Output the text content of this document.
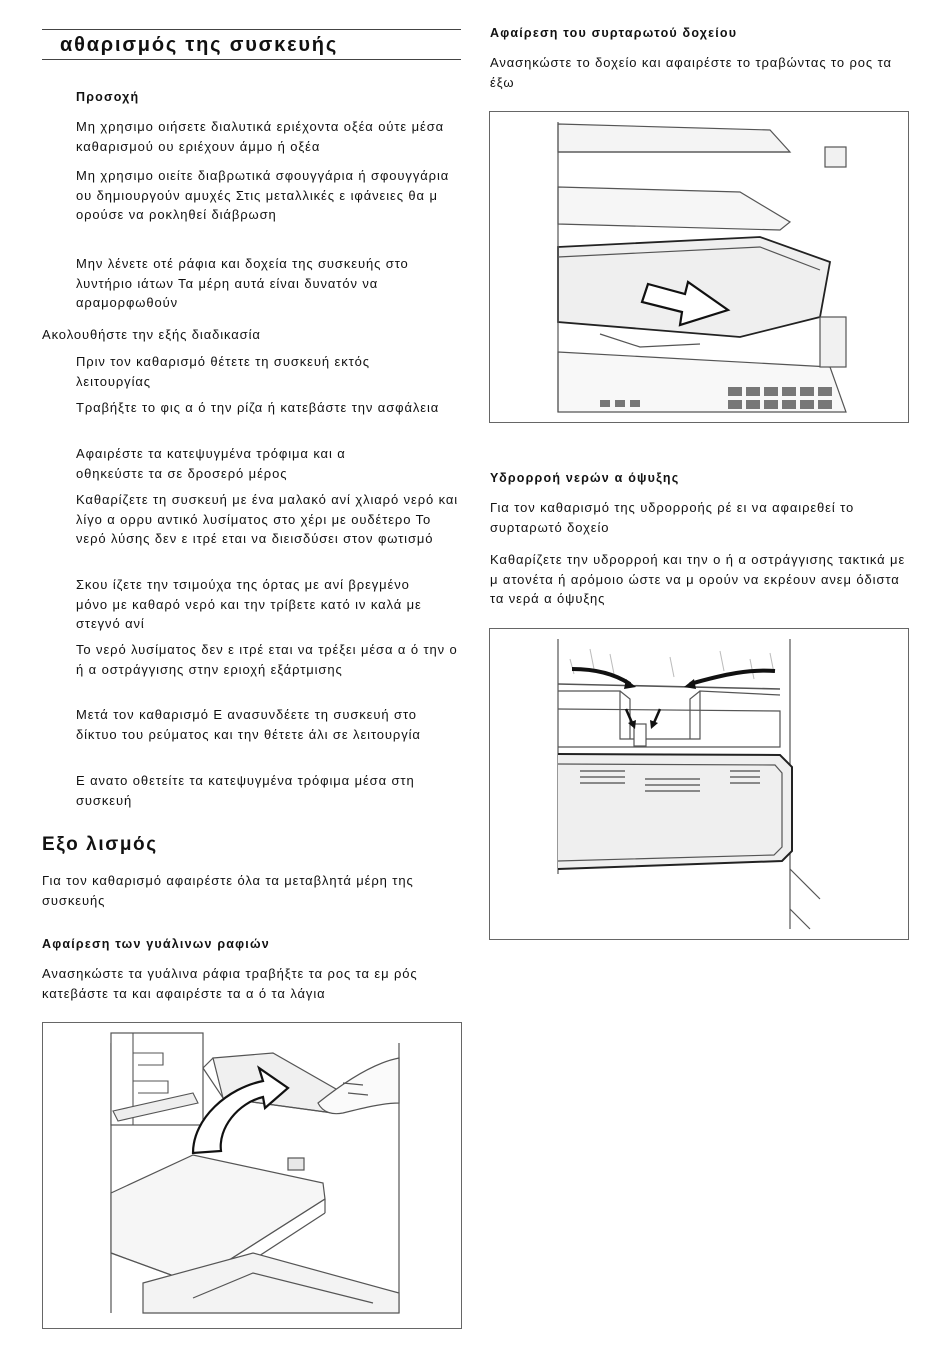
αθαρισμός της συσκευής
Προσοχή

Μη χρησιμο οιήσετε διαλυτικά εριέχοντα οξέα ούτε μέσα καθαρισμού ου εριέχουν άμμο ή οξέα

Μη χρησιμο οιείτε διαβρωτικά σφουγγάρια ή σφουγγάρια ου δημιουργούν αμυχές Στις μεταλλικές ε ιφάνειες θα μ ορούσε να ροκληθεί διάβρωση

Μην λένετε οτέ ράφια και δοχεία της συσκευής στο λυντήριο ιάτων Τα μέρη αυτά είναι δυνατόν να αραμορφωθούν

Ακολουθήστε την εξής διαδικασία

Πριν τον καθαρισμό θέτετε τη συσκευή εκτός λειτουργίας

Τραβήξτε το φις α ό την ρίζα ή κατεβάστε την ασφάλεια

Αφαιρέστε τα κατεψυγμένα τρόφιμα και α οθηκεύστε τα σε δροσερό μέρος

Καθαρίζετε τη συσκευή με ένα μαλακό ανί χλιαρό νερό και λίγο α ορρυ αντικό λυσίματος στο χέρι με ουδέτερο Το νερό λύσης δεν ε ιτρέ εται να διεισδύσει στον φωτισμό

Σκου ίζετε την τσιμούχα της όρτας με ανί βρεγμένο μόνο με καθαρό νερό και την τρίβετε κατό ιν καλά με στεγνό ανί

Το νερό λυσίματος δεν ε ιτρέ εται να τρέξει μέσα α ό την ο ή α οστράγγισης στην εριοχή εξάρτμισης

Μετά τον καθαρισμό Ε ανασυνδέετε τη συσκευή στο δίκτυο του ρεύματος και την θέτετε άλι σε λειτουργία

Ε ανατο οθετείτε τα κατεψυγμένα τρόφιμα μέσα στη συσκευή

Εξο λισμός

Για τον καθαρισμό αφαιρέστε όλα τα μεταβλητά μέρη της συσκευής

Αφαίρεση των γυάλινων ραφιών

Ανασηκώστε τα γυάλινα ράφια τραβήξτε τα ρος τα εμ ρός κατεβάστε τα και αφαιρέστε τα α ό τα λάγια

Αφαίρεση του συρταρωτού δοχείου

Ανασηκώστε το δοχείο και αφαιρέστε το τραβώντας το ρος τα έξω

Υδρορροή νερών α όψυξης

Για τον καθαρισμό της υδρορροής ρέ ει να αφαιρεθεί το συρταρωτό δοχείο

Καθαρίζετε την υδρορροή και την ο ή α οστράγγισης τακτικά με μ ατονέτα ή αρόμοιο ώστε να μ ορούν να εκρέουν ανεμ όδιστα τα νερά α όψυξης
